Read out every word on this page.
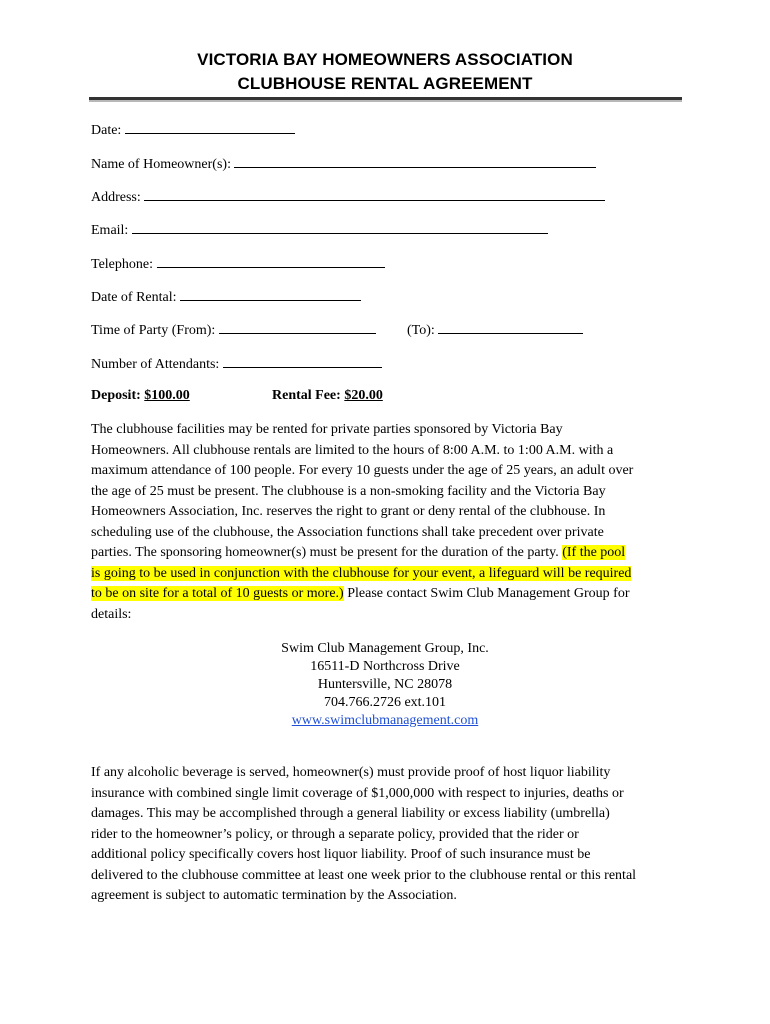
VICTORIA BAY HOMEOWNERS ASSOCIATION
CLUBHOUSE RENTAL AGREEMENT
Date:
Name of Homeowner(s):
Address:
Email:
Telephone:
Date of Rental:
Time of Party (From):	(To):
Number of Attendants:
Deposit: $100.00	Rental Fee: $20.00
The clubhouse facilities may be rented for private parties sponsored by Victoria Bay
Homeowners. All clubhouse rentals are limited to the hours of 8:00 A.M. to 1:00 A.M. with a
maximum attendance of 100 people. For every 10 guests under the age of 25 years, an adult over
the age of 25 must be present. The clubhouse is a non-smoking facility and the Victoria Bay
Homeowners Association, Inc. reserves the right to grant or deny rental of the clubhouse. In
scheduling use of the clubhouse, the Association functions shall take precedent over private
parties. The sponsoring homeowner(s) must be present for the duration of the party. (If the pool
is going to be used in conjunction with the clubhouse for your event, a lifeguard will be required
to be on site for a total of 10 guests or more.) Please contact Swim Club Management Group for
details:
Swim Club Management Group, Inc.
16511-D Northcross Drive
Huntersville, NC 28078
704.766.2726 ext.101
www.swimclubmanagement.com
If any alcoholic beverage is served, homeowner(s) must provide proof of host liquor liability
insurance with combined single limit coverage of $1,000,000 with respect to injuries, deaths or
damages. This may be accomplished through a general liability or excess liability (umbrella)
rider to the homeowner’s policy, or through a separate policy, provided that the rider or
additional policy specifically covers host liquor liability. Proof of such insurance must be
delivered to the clubhouse committee at least one week prior to the clubhouse rental or this rental
agreement is subject to automatic termination by the Association.
